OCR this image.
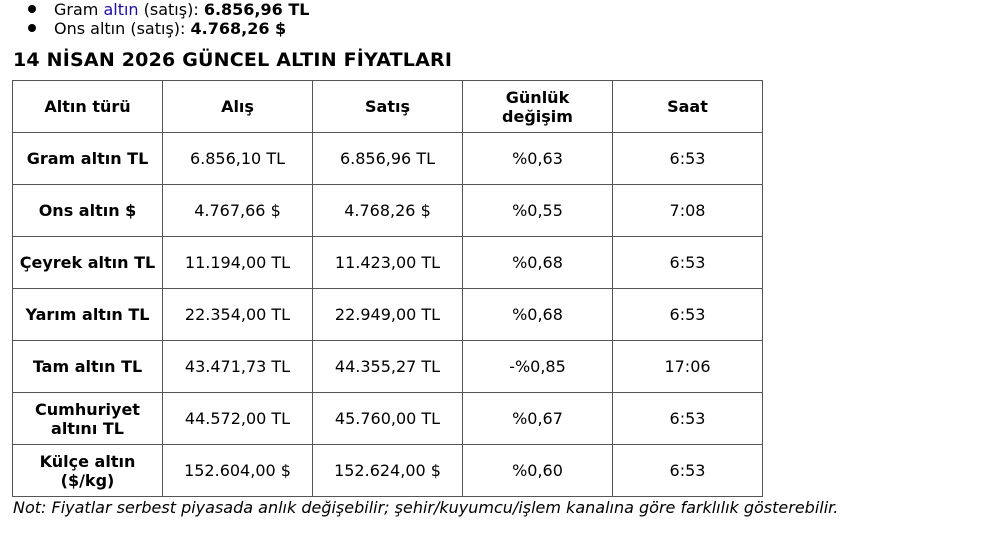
Gram altın (satış): 6.856,96 TL
Ons altın (satış): 4.768,26 $
14 NİSAN 2026 GÜNCEL ALTIN FİYATLARI
Altın türü	Alış	Satış	Günlük değişim	Saat
Gram altın TL	6.856,10 TL	6.856,96 TL	%0,63	6:53
Ons altın $	4.767,66 $	4.768,26 $	%0,55	7:08
Çeyrek altın TL	11.194,00 TL	11.423,00 TL	%0,68	6:53
Yarım altın TL	22.354,00 TL	22.949,00 TL	%0,68	6:53
Tam altın TL	43.471,73 TL	44.355,27 TL	-%0,85	17:06
Cumhuriyet altını TL	44.572,00 TL	45.760,00 TL	%0,67	6:53
Külçe altın ($/kg)	152.604,00 $	152.624,00 $	%0,60	6:53

Not: Fiyatlar serbest piyasada anlık değişebilir; şehir/kuyumcu/işlem kanalına göre farklılık gösterebilir.
